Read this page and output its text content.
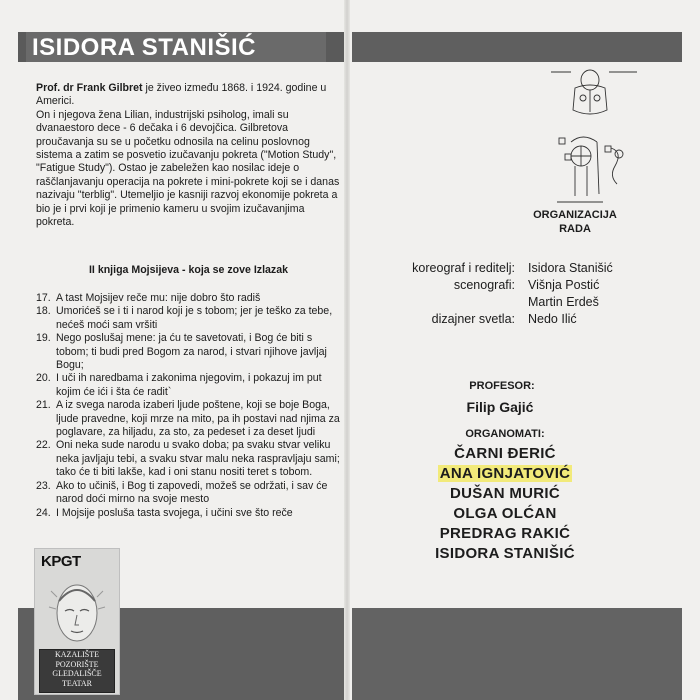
ISIDORA STANIŠIĆ
Prof. dr Frank Gilbret je živeo između 1868. i 1924. godine u Americi.
On i njegova žena Lilian, industrijski psiholog, imali su dvanaestoro dece - 6 dečaka i 6 devojčica. Gilbretova proučavanja su se u početku odnosila na celinu poslovnog sistema a zatim se posvetio izučavanju pokreta ("Motion Study", "Fatigue Study"). Ostao je zabeležen kao nosilac ideje o raščlanjavanju operacija na pokrete i mini-pokrete koji se i danas nazivaju "terblig". Utemeljio je kasniji razvoj ekonomije pokreta a bio je i prvi koji je primenio kameru u svojim izučavanjima pokreta.
II knjiga Mojsijeva - koja se zove Izlazak
17. A tast Mojsijev reče mu: nije dobro što radiš
18. Umorićeš se i ti i narod koji je s tobom; jer je teško za tebe, nećeš moći sam vršiti
19. Nego poslušaj mene: ja ću te savetovati, i Bog će biti s tobom; ti budi pred Bogom za narod, i stvari njihove javljaj Bogu;
20. I uči ih naredbama i zakonima njegovim, i pokazuj im put kojim će ići i šta će radit`
21. A iz svega naroda izaberi ljude poštene, koji se boje Boga, ljude pravedne, koji mrze na mito, pa ih postavi nad njima za poglavare, za hiljadu, za sto, za pedeset i za deset ljudi
22. Oni neka sude narodu u svako doba; pa svaku stvar veliku neka javljaju tebi, a svaku stvar malu neka raspravljaju sami; tako će ti biti lakše, kad i oni stanu nositi teret s tobom.
23. Ako to učiniš, i Bog ti zapovedi, možeš se održati, i sav će narod doći mirno na svoje mesto
24. I Mojsije posluša tasta svojega, i učini sve što reče
KPGT
KAZALIŠTE
POZORIŠTE
GLEDALIŠČE
TEATAR
ORGANIZACIJA
RADA
koreograf i reditelj: Isidora Stanišić
scenografi: Višnja Postić
Martin Erdeš
dizajner svetla: Nedo Ilić
PROFESOR:
Filip Gajić
ORGANOMATI:
ČARNI ĐERIĆ
ANA IGNJATOVIĆ
DUŠAN MURIĆ
OLGA OLĆAN
PREDRAG RAKIĆ
ISIDORA STANIŠIĆ
